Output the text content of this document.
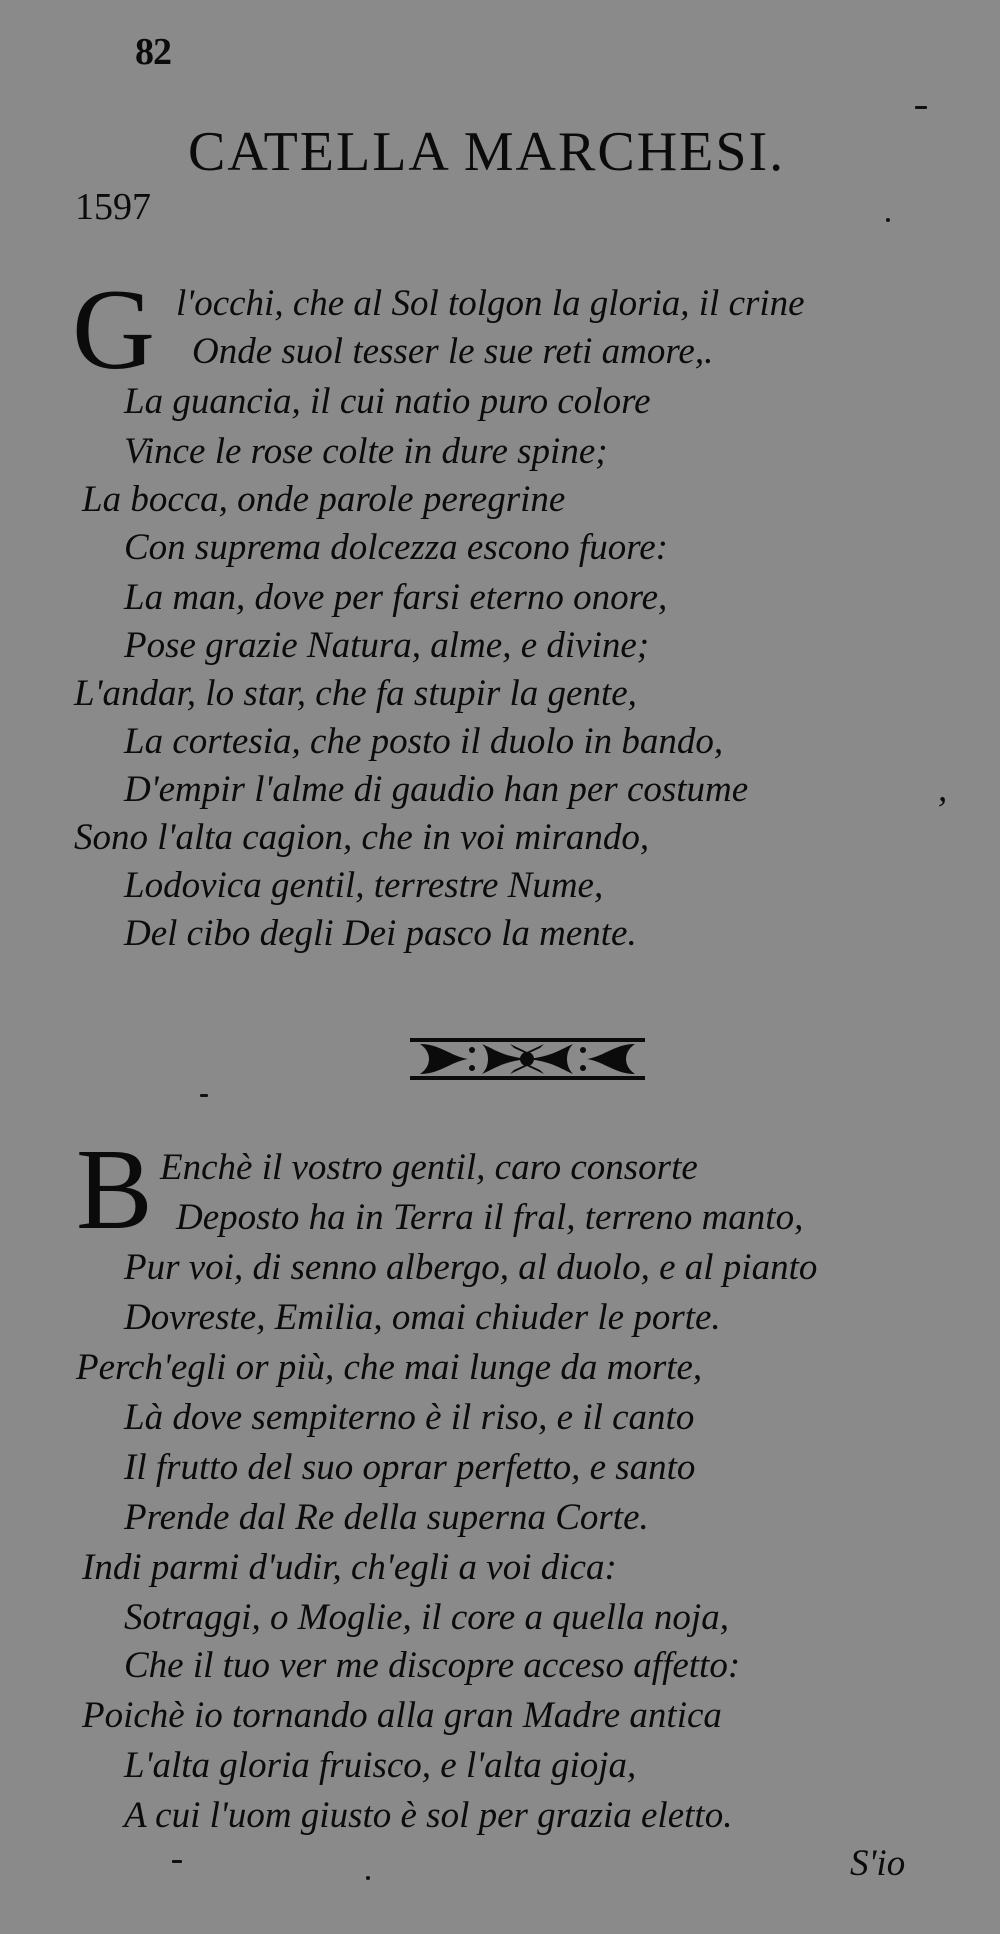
82
CATELLA MARCHESI.
1597
G l'occhi, che al Sol tolgon la gloria, il crine
Onde suol tesser le sue reti amore,.
La guancia, il cui natio puro colore
Vince le rose colte in dure spine;
La bocca, onde parole peregrine
Con suprema dolcezza escono fuore:
La man, dove per farsi eterno onore,
Pose grazie Natura, alme, e divine;
L'andar, lo star, che fa stupir la gente,
La cortesia, che posto il duolo in bando,
D'empir l'alme di gaudio han per costume	,
Sono l'alta cagion, che in voi mirando,
Lodovica gentil, terrestre Nume,
Del cibo degli Dei pasco la mente.
B Enchè il vostro gentil, caro consorte
Deposto ha in Terra il fral, terreno manto,
Pur voi, di senno albergo, al duolo, e al pianto
Dovreste, Emilia, omai chiuder le porte.
Perch'egli or più, che mai lunge da morte,
Là dove sempiterno è il riso, e il canto
Il frutto del suo oprar perfetto, e santo
Prende dal Re della superna Corte.
Indi parmi d'udir, ch'egli a voi dica:
Sotraggi, o Moglie, il core a quella noja,
Che il tuo ver me discopre acceso affetto:
Poichè io tornando alla gran Madre antica
L'alta gloria fruisco, e l'alta gioja,
A cui l'uom giusto è sol per grazia eletto.
S'io
